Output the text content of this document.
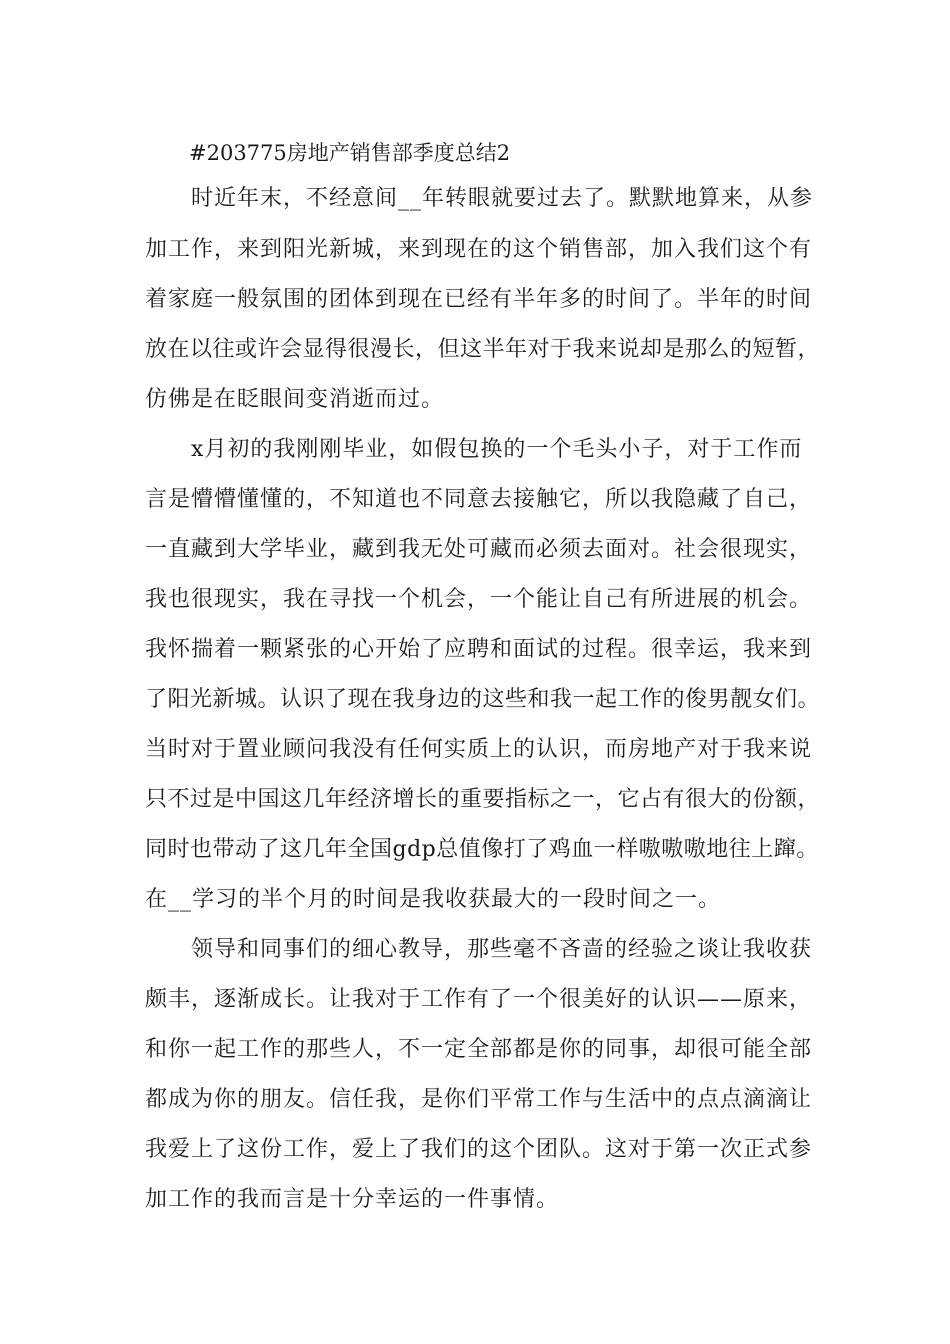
#203775房地产销售部季度总结2
时近年末，不经意间__年转眼就要过去了。默默地算来，从参
加工作，来到阳光新城，来到现在的这个销售部，加入我们这个有
着家庭一般氛围的团体到现在已经有半年多的时间了。半年的时间
放在以往或许会显得很漫长，但这半年对于我来说却是那么的短暂，
仿佛是在眨眼间变消逝而过。
x月初的我刚刚毕业，如假包换的一个毛头小子，对于工作而
言是懵懵懂懂的，不知道也不同意去接触它，所以我隐藏了自己，
一直藏到大学毕业，藏到我无处可藏而必须去面对。社会很现实，
我也很现实，我在寻找一个机会，一个能让自己有所进展的机会。
我怀揣着一颗紧张的心开始了应聘和面试的过程。很幸运，我来到
了阳光新城。认识了现在我身边的这些和我一起工作的俊男靓女们。
当时对于置业顾问我没有任何实质上的认识，而房地产对于我来说
只不过是中国这几年经济增长的重要指标之一，它占有很大的份额，
同时也带动了这几年全国gdp总值像打了鸡血一样嗷嗷嗷地往上蹿。
在__学习的半个月的时间是我收获最大的一段时间之一。
领导和同事们的细心教导，那些毫不吝啬的经验之谈让我收获
颇丰，逐渐成长。让我对于工作有了一个很美好的认识——原来，
和你一起工作的那些人，不一定全部都是你的同事，却很可能全部
都成为你的朋友。信任我，是你们平常工作与生活中的点点滴滴让
我爱上了这份工作，爱上了我们的这个团队。这对于第一次正式参
加工作的我而言是十分幸运的一件事情。
